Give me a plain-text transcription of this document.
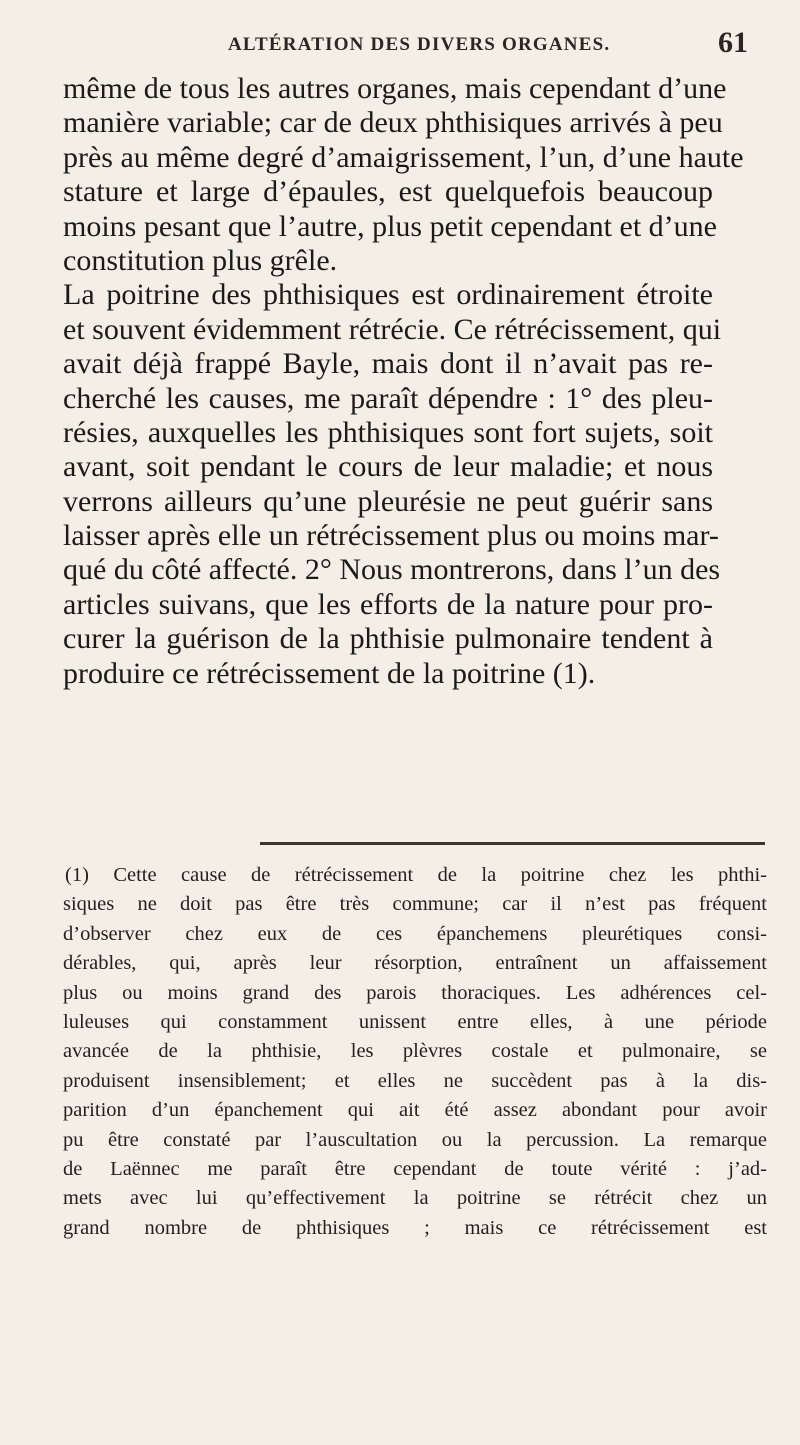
ALTÉRATION DES DIVERS ORGANES.	61
même de tous les autres organes, mais cependant d’une
manière variable; car de deux phthisiques arrivés à peu
près au même degré d’amaigrissement, l’un, d’une haute
stature et large d’épaules, est quelquefois beaucoup
moins pesant que l’autre, plus petit cependant et d’une
constitution plus grêle.
La poitrine des phthisiques est ordinairement étroite
et souvent évidemment rétrécie. Ce rétrécissement, qui
avait déjà frappé Bayle, mais dont il n’avait pas re-
cherché les causes, me paraît dépendre : 1° des pleu-
résies, auxquelles les phthisiques sont fort sujets, soit
avant, soit pendant le cours de leur maladie; et nous
verrons ailleurs qu’une pleurésie ne peut guérir sans
laisser après elle un rétrécissement plus ou moins mar-
qué du côté affecté. 2° Nous montrerons, dans l’un des
articles suivans, que les efforts de la nature pour pro-
curer la guérison de la phthisie pulmonaire tendent à
produire ce rétrécissement de la poitrine (1).
(1) Cette cause de rétrécissement de la poitrine chez les phthi-
siques ne doit pas être très commune; car il n’est pas fréquent
d’observer chez eux de ces épanchemens pleurétiques consi-
dérables, qui, après leur résorption, entraînent un affaissement
plus ou moins grand des parois thoraciques. Les adhérences cel-
luleuses qui constamment unissent entre elles, à une période
avancée de la phthisie, les plèvres costale et pulmonaire, se
produisent insensiblement; et elles ne succèdent pas à la dis-
parition d’un épanchement qui ait été assez abondant pour avoir
pu être constaté par l’auscultation ou la percussion. La remarque
de Laënnec me paraît être cependant de toute vérité : j’ad-
mets avec lui qu’effectivement la poitrine se rétrécit chez un
grand nombre de phthisiques ; mais ce rétrécissement est
